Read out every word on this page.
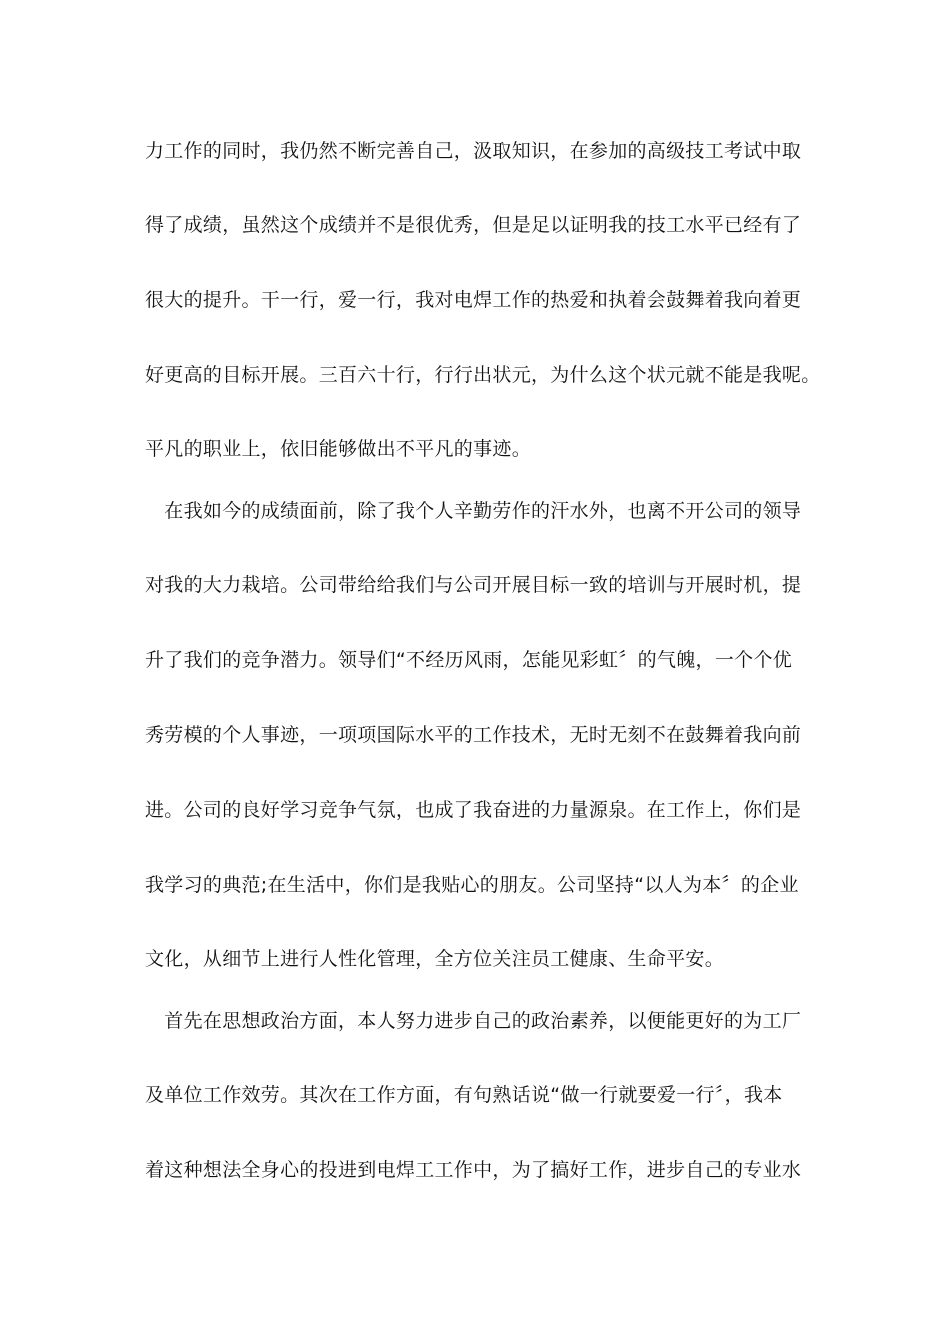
力工作的同时，我仍然不断完善自己，汲取知识，在参加的高级技工考试中取
得了成绩，虽然这个成绩并不是很优秀，但是足以证明我的技工水平已经有了
很大的提升。干一行，爱一行，我对电焊工作的热爱和执着会鼓舞着我向着更
好更高的目标开展。三百六十行，行行出状元，为什么这个状元就不能是我呢。
平凡的职业上，依旧能够做出不平凡的事迹。
　在我如今的成绩面前，除了我个人辛勤劳作的汗水外，也离不开公司的领导
对我的大力栽培。公司带给给我们与公司开展目标一致的培训与开展时机，提
升了我们的竞争潜力。领导们“不经历风雨，怎能见彩虹〞的气魄，一个个优
秀劳模的个人事迹，一项项国际水平的工作技术，无时无刻不在鼓舞着我向前
进。公司的良好学习竞争气氛，也成了我奋进的力量源泉。在工作上，你们是
我学习的典范;在生活中，你们是我贴心的朋友。公司坚持“以人为本〞的企业
文化，从细节上进行人性化管理，全方位关注员工健康、生命平安。
　首先在思想政治方面，本人努力进步自己的政治素养，以便能更好的为工厂
及单位工作效劳。其次在工作方面，有句熟话说“做一行就要爱一行〞，我本
着这种想法全身心的投进到电焊工工作中，为了搞好工作，进步自己的专业水
